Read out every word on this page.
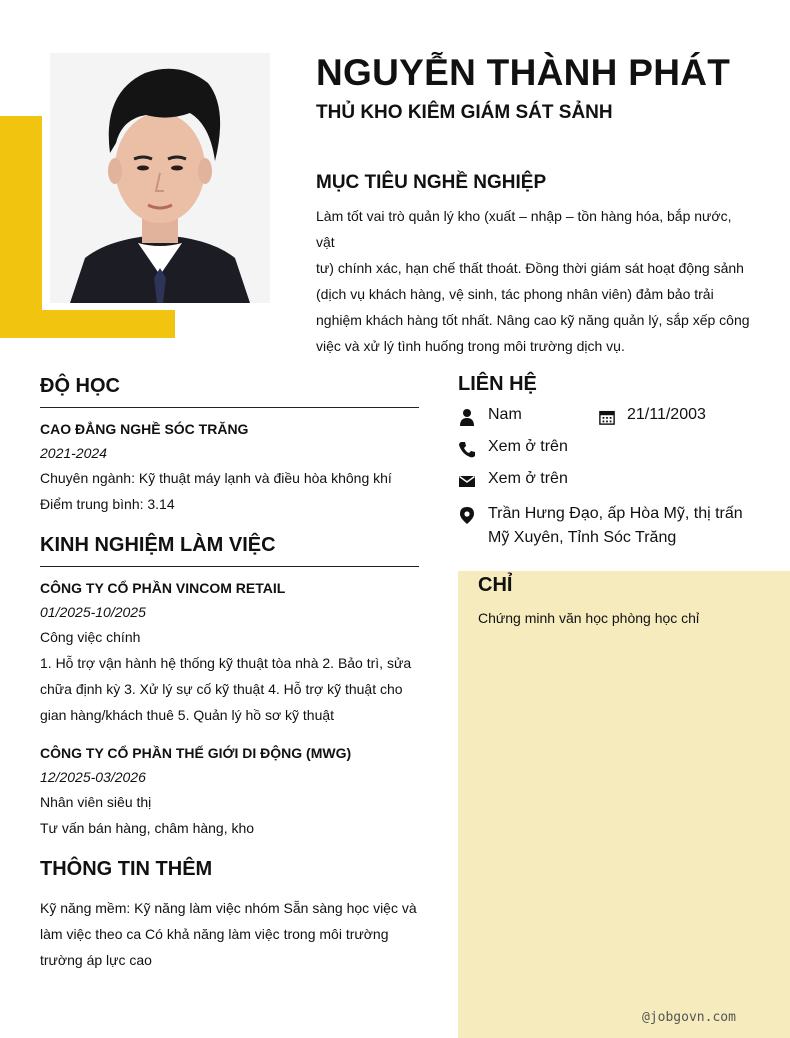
NGUYỄN THÀNH PHÁT
THỦ KHO KIÊM GIÁM SÁT SẢNH
MỤC TIÊU NGHỀ NGHIỆP
Làm tốt vai trò quản lý kho (xuất – nhập – tồn hàng hóa, bắp nước, vật
tư) chính xác, hạn chế thất thoát. Đồng thời giám sát hoạt động sảnh
(dịch vụ khách hàng, vệ sinh, tác phong nhân viên) đảm bảo trải
nghiệm khách hàng tốt nhất. Nâng cao kỹ năng quản lý, sắp xếp công
việc và xử lý tình huống trong môi trường dịch vụ.
ĐỘ HỌC
CAO ĐẲNG NGHỀ SÓC TRĂNG
2021-2024
Chuyên ngành: Kỹ thuật máy lạnh và điều hòa không khí
Điểm trung bình: 3.14
KINH NGHIỆM LÀM VIỆC
CÔNG TY CỔ PHẦN VINCOM RETAIL
01/2025-10/2025
Công việc chính
1. Hỗ trợ vận hành hệ thống kỹ thuật tòa nhà 2. Bảo trì, sửa
chữa định kỳ 3. Xử lý sự cố kỹ thuật 4. Hỗ trợ kỹ thuật cho
gian hàng/khách thuê 5. Quản lý hồ sơ kỹ thuật
CÔNG TY CỔ PHẦN THẾ GIỚI DI ĐỘNG (MWG)
12/2025-03/2026
Nhân viên siêu thị
Tư vấn bán hàng, châm hàng, kho
THÔNG TIN THÊM
Kỹ năng mềm: Kỹ năng làm việc nhóm Sẵn sàng học việc và
làm việc theo ca Có khả năng làm việc trong môi trường
trường áp lực cao
LIÊN HỆ
Nam	21/11/2003
Xem ở trên
Xem ở trên
Trần Hưng Đạo, ấp Hòa Mỹ, thị trấn
Mỹ Xuyên, Tỉnh Sóc Trăng
CHỈ
Chứng minh văn học phòng học chỉ
@jobgovn.com
